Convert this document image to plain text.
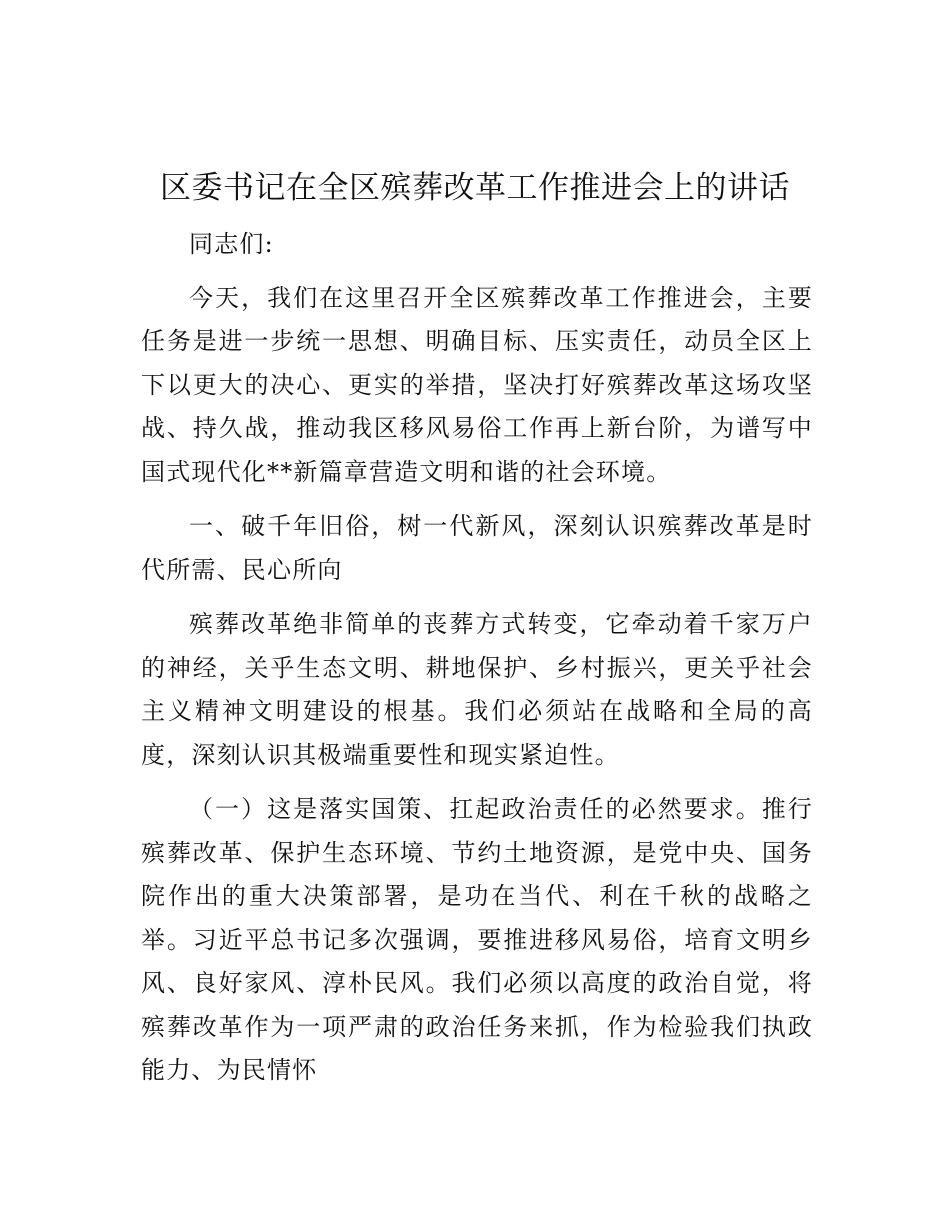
区委书记在全区殡葬改革工作推进会上的讲话

同志们:

今天，我们在这里召开全区殡葬改革工作推进会，主要任务是进一步统一思想、明确目标、压实责任，动员全区上下以更大的决心、更实的举措，坚决打好殡葬改革这场攻坚战、持久战，推动我区移风易俗工作再上新台阶，为谱写中国式现代化**新篇章营造文明和谐的社会环境。

一、破千年旧俗，树一代新风，深刻认识殡葬改革是时代所需、民心所向

殡葬改革绝非简单的丧葬方式转变，它牵动着千家万户的神经，关乎生态文明、耕地保护、乡村振兴，更关乎社会主义精神文明建设的根基。我们必须站在战略和全局的高度，深刻认识其极端重要性和现实紧迫性。

（一）这是落实国策、扛起政治责任的必然要求。推行殡葬改革、保护生态环境、节约土地资源，是党中央、国务院作出的重大决策部署，是功在当代、利在千秋的战略之举。习近平总书记多次强调，要推进移风易俗，培育文明乡风、良好家风、淳朴民风。我们必须以高度的政治自觉，将殡葬改革作为一项严肃的政治任务来抓，作为检验我们执政能力、为民情怀
